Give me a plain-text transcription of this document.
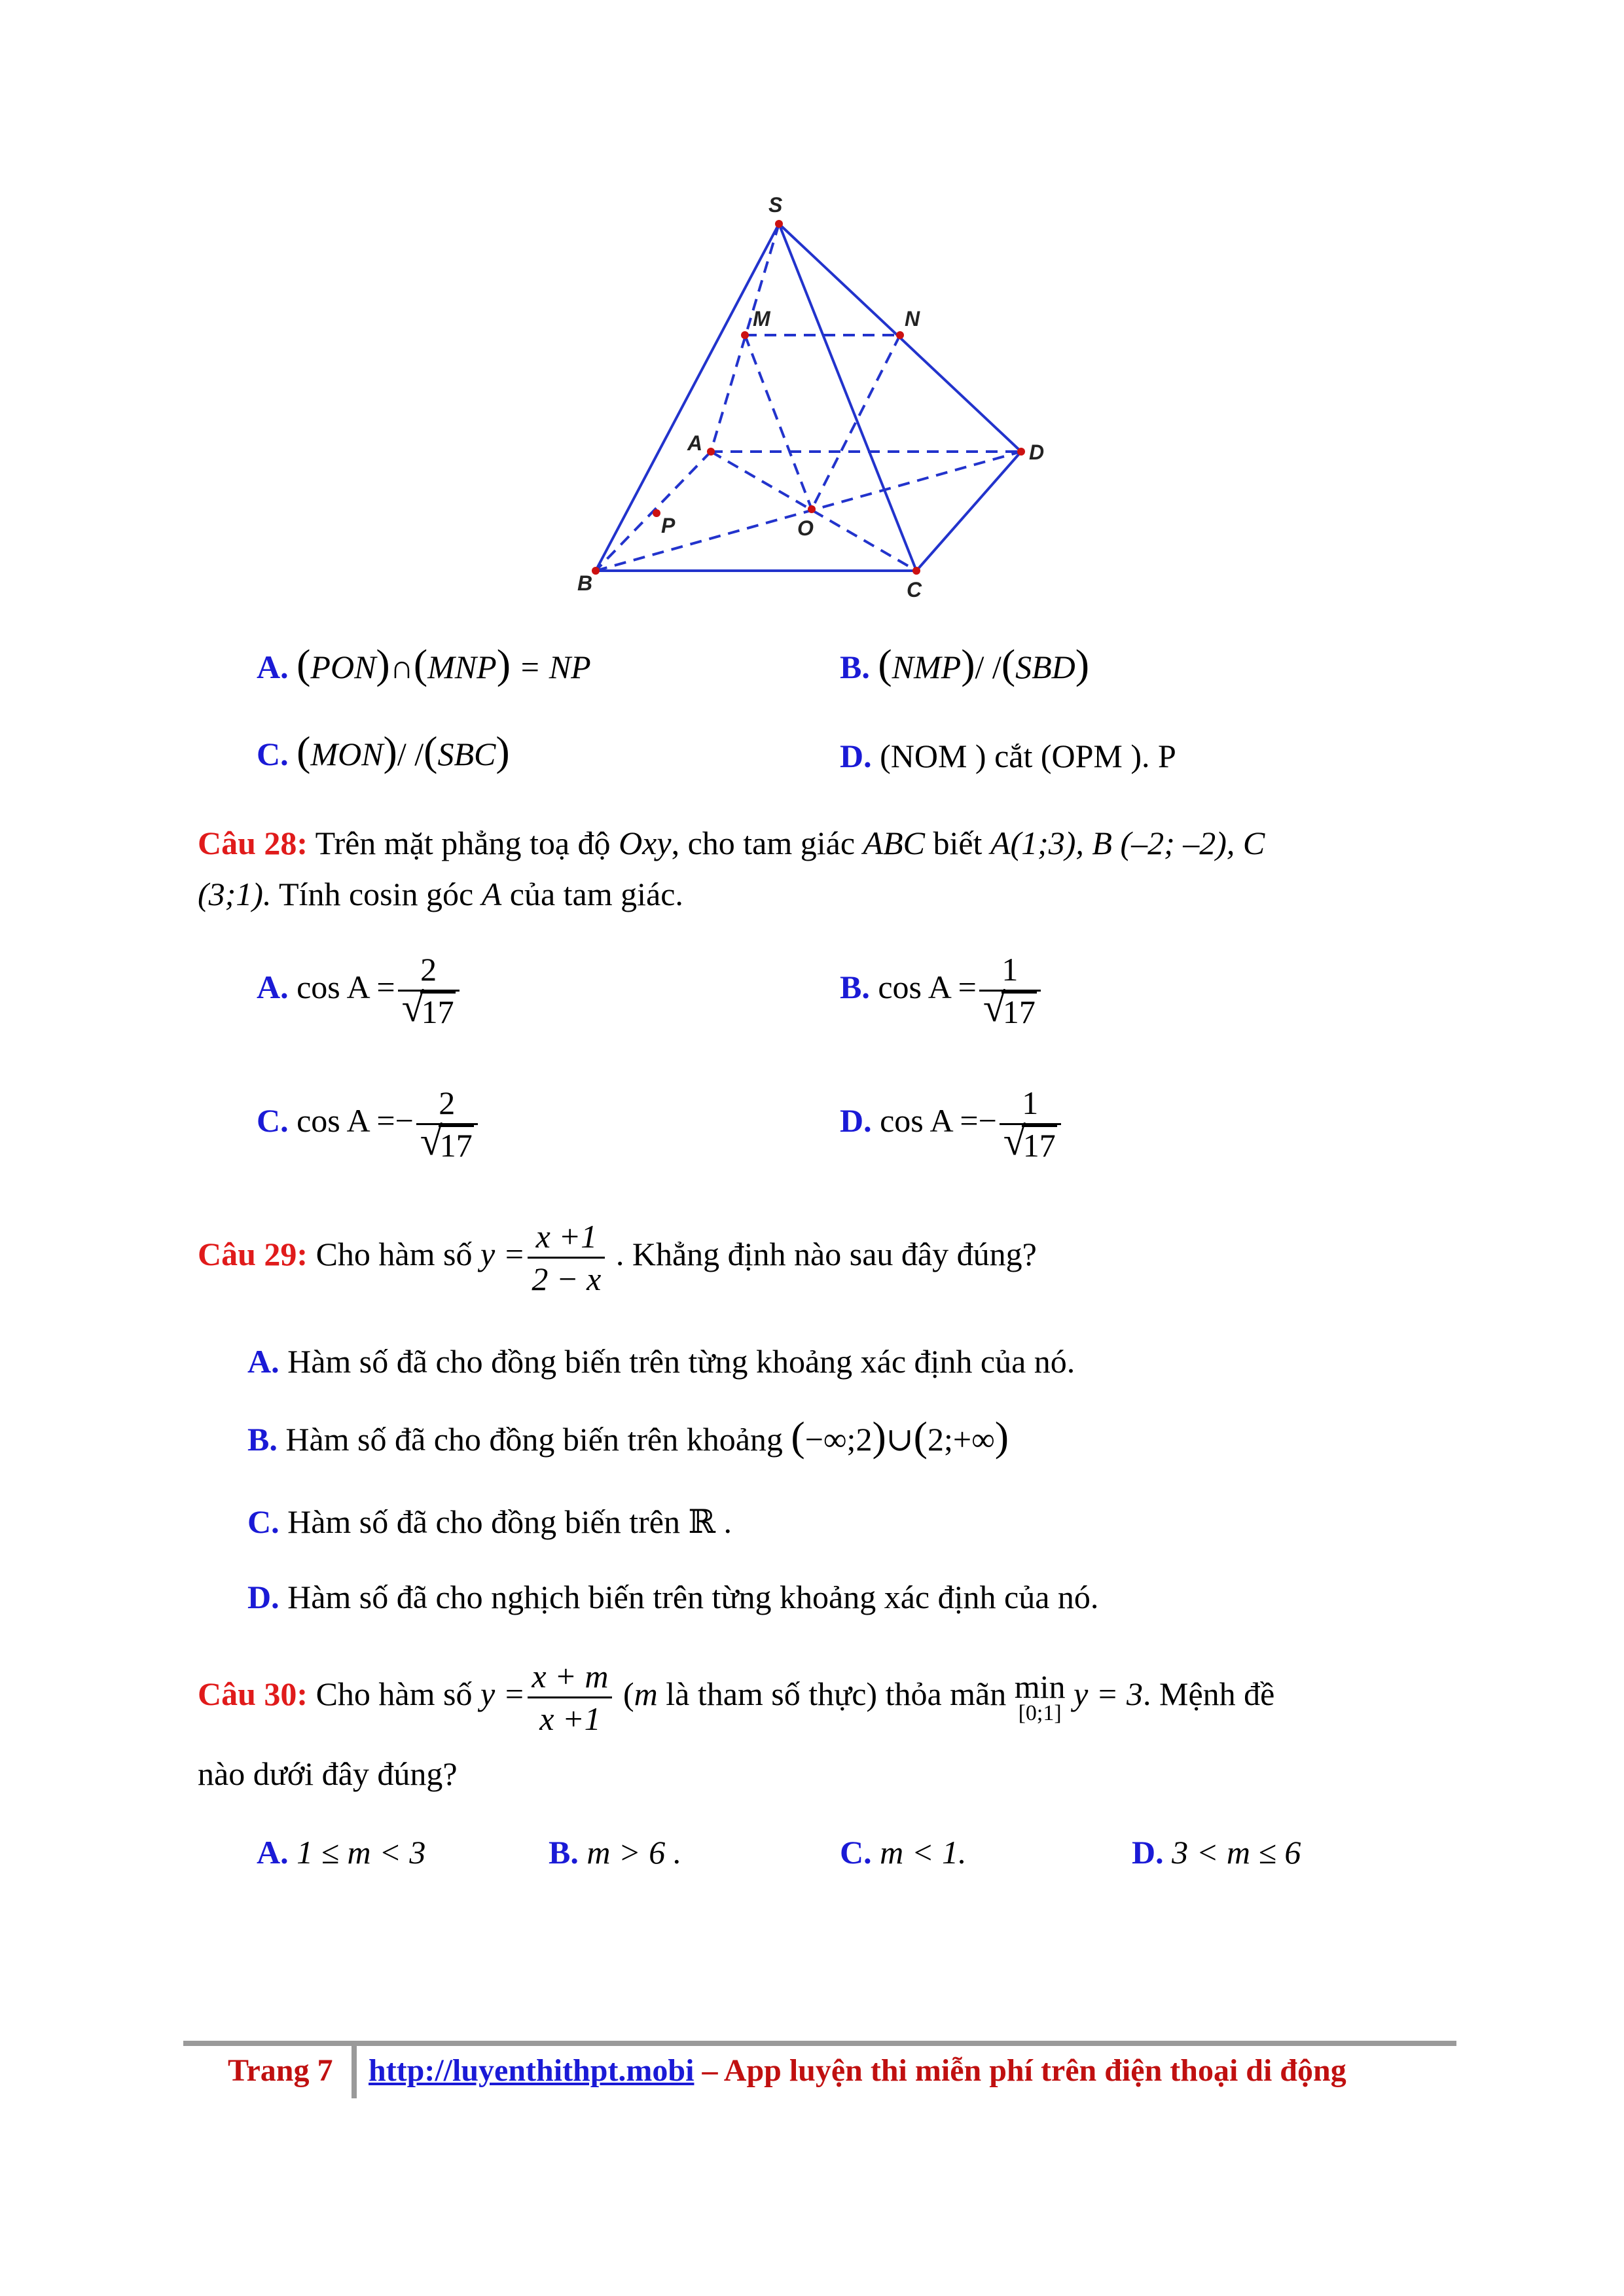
S
M	N
A	D
P	O
B	C
A. (PON)∩(MNP) = NP	B. (NMP)/ /(SBD)
C. (MON)/ /(SBC)	D. (NOM ) cắt (OPM ). P
Câu 28: Trên mặt phẳng toạ độ Oxy, cho tam giác ABC biết A(1;3), B (–2; –2), C
(3;1). Tính cosin góc A của tam giác.
A. cos A = 2
√
17	B. cos A = 1
√
17
C. cos A =− 2
√
17	D. cos A =− 1
√
17
Câu 29: Cho hàm số $y = \frac{x +1}{2 - x}$ . Khẳng định nào sau đây đúng?
A. Hàm số đã cho đồng biến trên từng khoảng xác định của nó.
B. Hàm số đã cho đồng biến trên khoảng (−∞;2)∪(2;+∞)
C. Hàm số đã cho đồng biến trên ℝ .
D. Hàm số đã cho nghịch biến trên từng khoảng xác định của nó.
Câu 30: Cho hàm số $y = \frac{x + m}{x +1} (m$ là tham số thực) thỏa mãn min
[0;1]
y = 3. Mệnh đề
nào dưới đây đúng?
A. 1 ≤ m < 3	B. m > 6 .	C. m < 1.	D. 3 < m ≤ 6
Trang 7 http://luyenthithpt.mobi – App luyện thi miễn phí trên điện thoại di động
